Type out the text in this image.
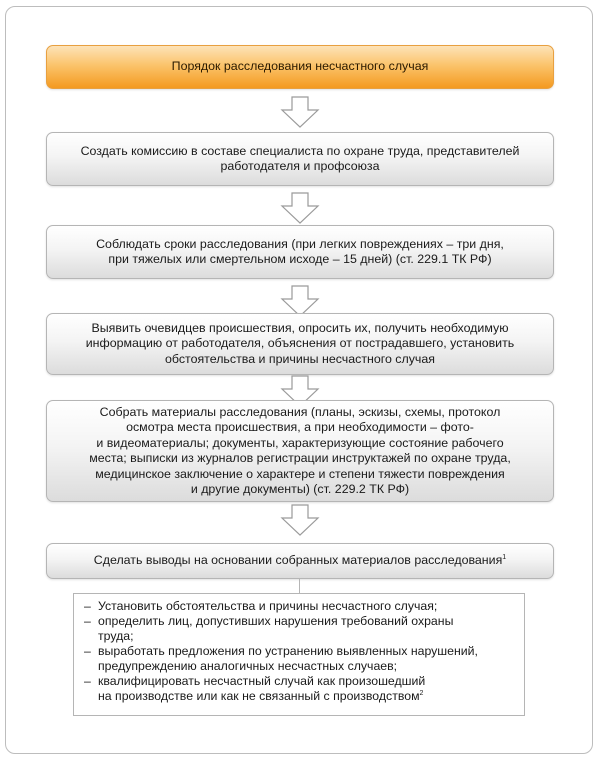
Порядок расследования несчастного случая
Создать комиссию в составе специалиста по охране труда, представителей
работодателя и профсоюза
Соблюдать сроки расследования (при легких повреждениях – три дня,
при тяжелых или смертельном исходе – 15 дней) (ст. 229.1 ТК РФ)
Выявить очевидцев происшествия, опросить их, получить необходимую
информацию от работодателя, объяснения от пострадавшего, установить
обстоятельства и причины несчастного случая
Собрать материалы расследования (планы, эскизы, схемы, протокол
осмотра места происшествия, а при необходимости – фото-
и видеоматериалы; документы, характеризующие состояние рабочего
места; выписки из журналов регистрации инструктажей по охране труда,
медицинское заключение о характере и степени тяжести повреждения
и другие документы) (ст. 229.2 ТК РФ)
Сделать выводы на основании собранных материалов расследования$^1$
– Установить обстоятельства и причины несчастного случая;
– определить лиц, допустивших нарушения требований охраны
труда;
– выработать предложения по устранению выявленных нарушений,
предупреждению аналогичных несчастных случаев;
– квалифицировать несчастный случай как произошедший
на производстве или как не связанный с производством$^2$
